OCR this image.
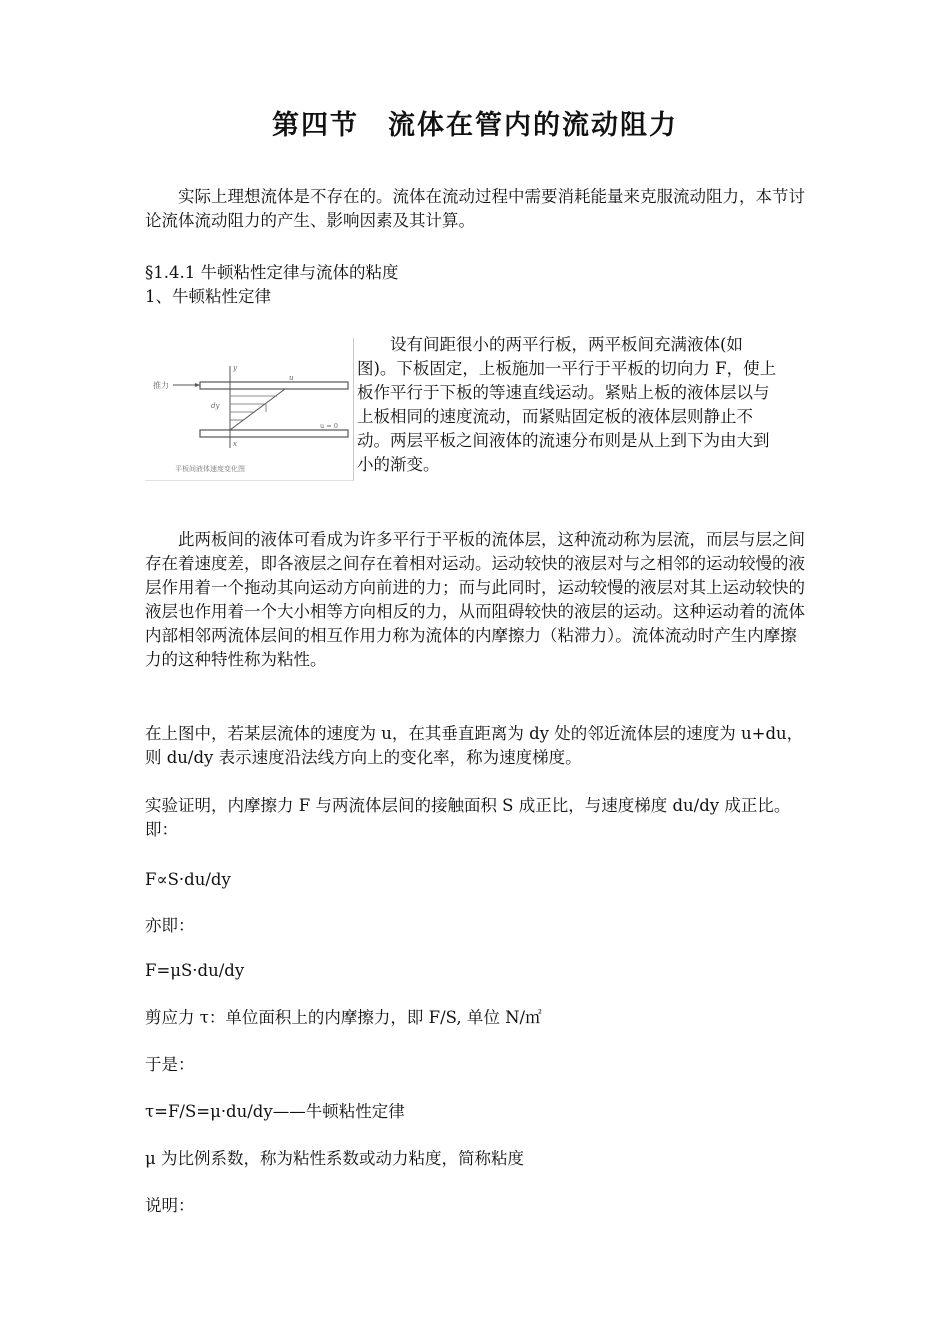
第四节　流体在管内的流动阻力

实际上理想流体是不存在的。流体在流动过程中需要消耗能量来克服流动阻力，本节讨论流体流动阻力的产生、影响因素及其计算。

§1.4.1 牛顿粘性定律与流体的粘度

1、牛顿粘性定律

推力
y
x
dy
u
u = 0
平板间液体速度变化图

设有间距很小的两平行板，两平板间充满液体(如图)。下板固定，上板施加一平行于平板的切向力 F，使上板作平行于下板的等速直线运动。紧贴上板的液体层以与上板相同的速度流动，而紧贴固定板的液体层则静止不动。两层平板之间液体的流速分布则是从上到下为由大到小的渐变。

此两板间的液体可看成为许多平行于平板的流体层，这种流动称为层流，而层与层之间存在着速度差，即各液层之间存在着相对运动。运动较快的液层对与之相邻的运动较慢的液层作用着一个拖动其向运动方向前进的力；而与此同时，运动较慢的液层对其上运动较快的液层也作用着一个大小相等方向相反的力，从而阻碍较快的液层的运动。这种运动着的流体内部相邻两流体层间的相互作用力称为流体的内摩擦力（粘滞力）。流体流动时产生内摩擦力的这种特性称为粘性。

在上图中，若某层流体的速度为 u，在其垂直距离为 dy 处的邻近流体层的速度为 u+du，则 du/dy 表示速度沿法线方向上的变化率，称为速度梯度。

实验证明，内摩擦力 F 与两流体层间的接触面积 S 成正比，与速度梯度 du/dy 成正比。即：

F∝S·du/dy

亦即：

F=μS·du/dy

剪应力 τ：单位面积上的内摩擦力，即 F/S, 单位 N/㎡

于是：

τ=F/S=μ·du/dy——牛顿粘性定律

μ 为比例系数，称为粘性系数或动力粘度，简称粘度

说明：
